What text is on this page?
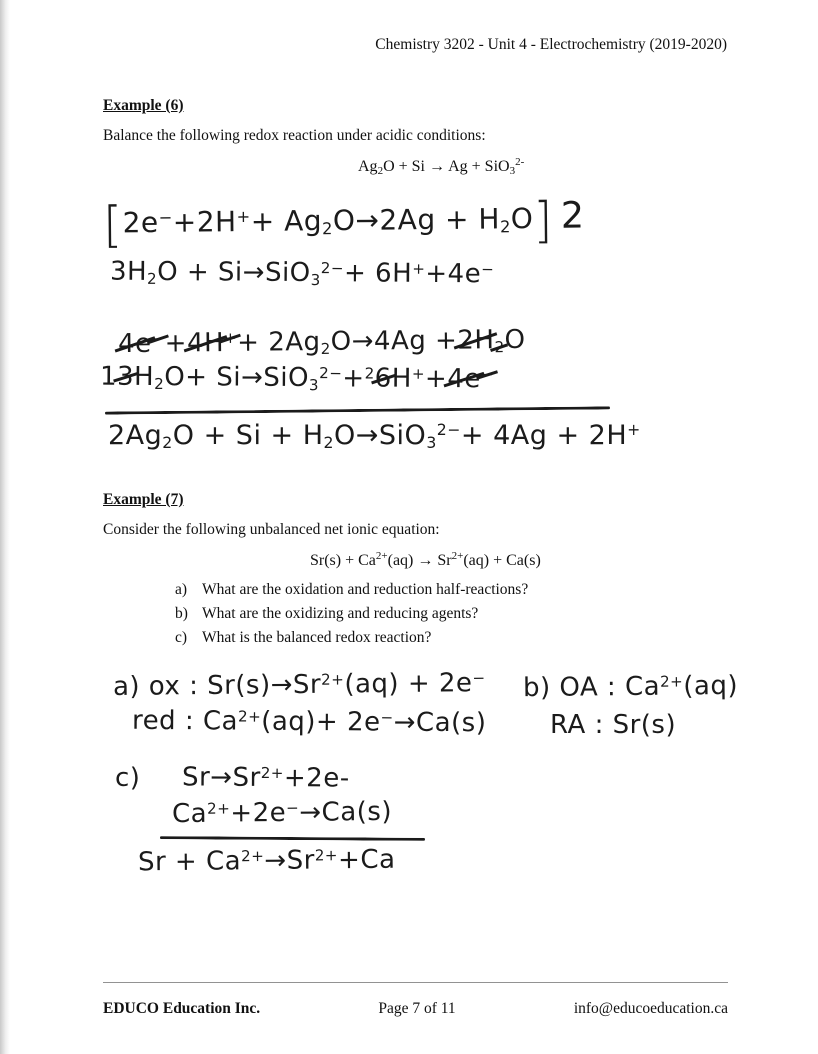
Chemistry 3202 - Unit 4 - Electrochemistry (2019-2020)
Example (6)
Balance the following redox reaction under acidic conditions:
$Ag_2O + Si \to Ag + SiO_3^{2-}$
[2e−+2H++ Ag2O→2Ag + H2O]2
3H2O + Si→SiO32−+ 6H++4e−
4e−+4H++ 2Ag2O→4Ag +2H2O
13H2O+ Si→SiO32−+26H++4e−
2Ag2O + Si + H2O→SiO32−+ 4Ag + 2H+
Example (7)
Consider the following unbalanced net ionic equation:
$Sr(s) + Ca^{2+}(aq) \to Sr^{2+}(aq) + Ca(s)$
a) What are the oxidation and reduction half-reactions?
b) What are the oxidizing and reducing agents?
c) What is the balanced redox reaction?
a) ox : Sr(s)→Sr2+(aq) + 2e−
red : Ca2+(aq)+ 2e−→Ca(s)
b) OA : Ca2+(aq)
RA : Sr(s)
c) Sr→Sr2++2e-
Ca2++2e−→Ca(s)
Sr + Ca2+→Sr2++Ca
EDUCO Education Inc.	Page 7 of 11	info@educoeducation.ca
